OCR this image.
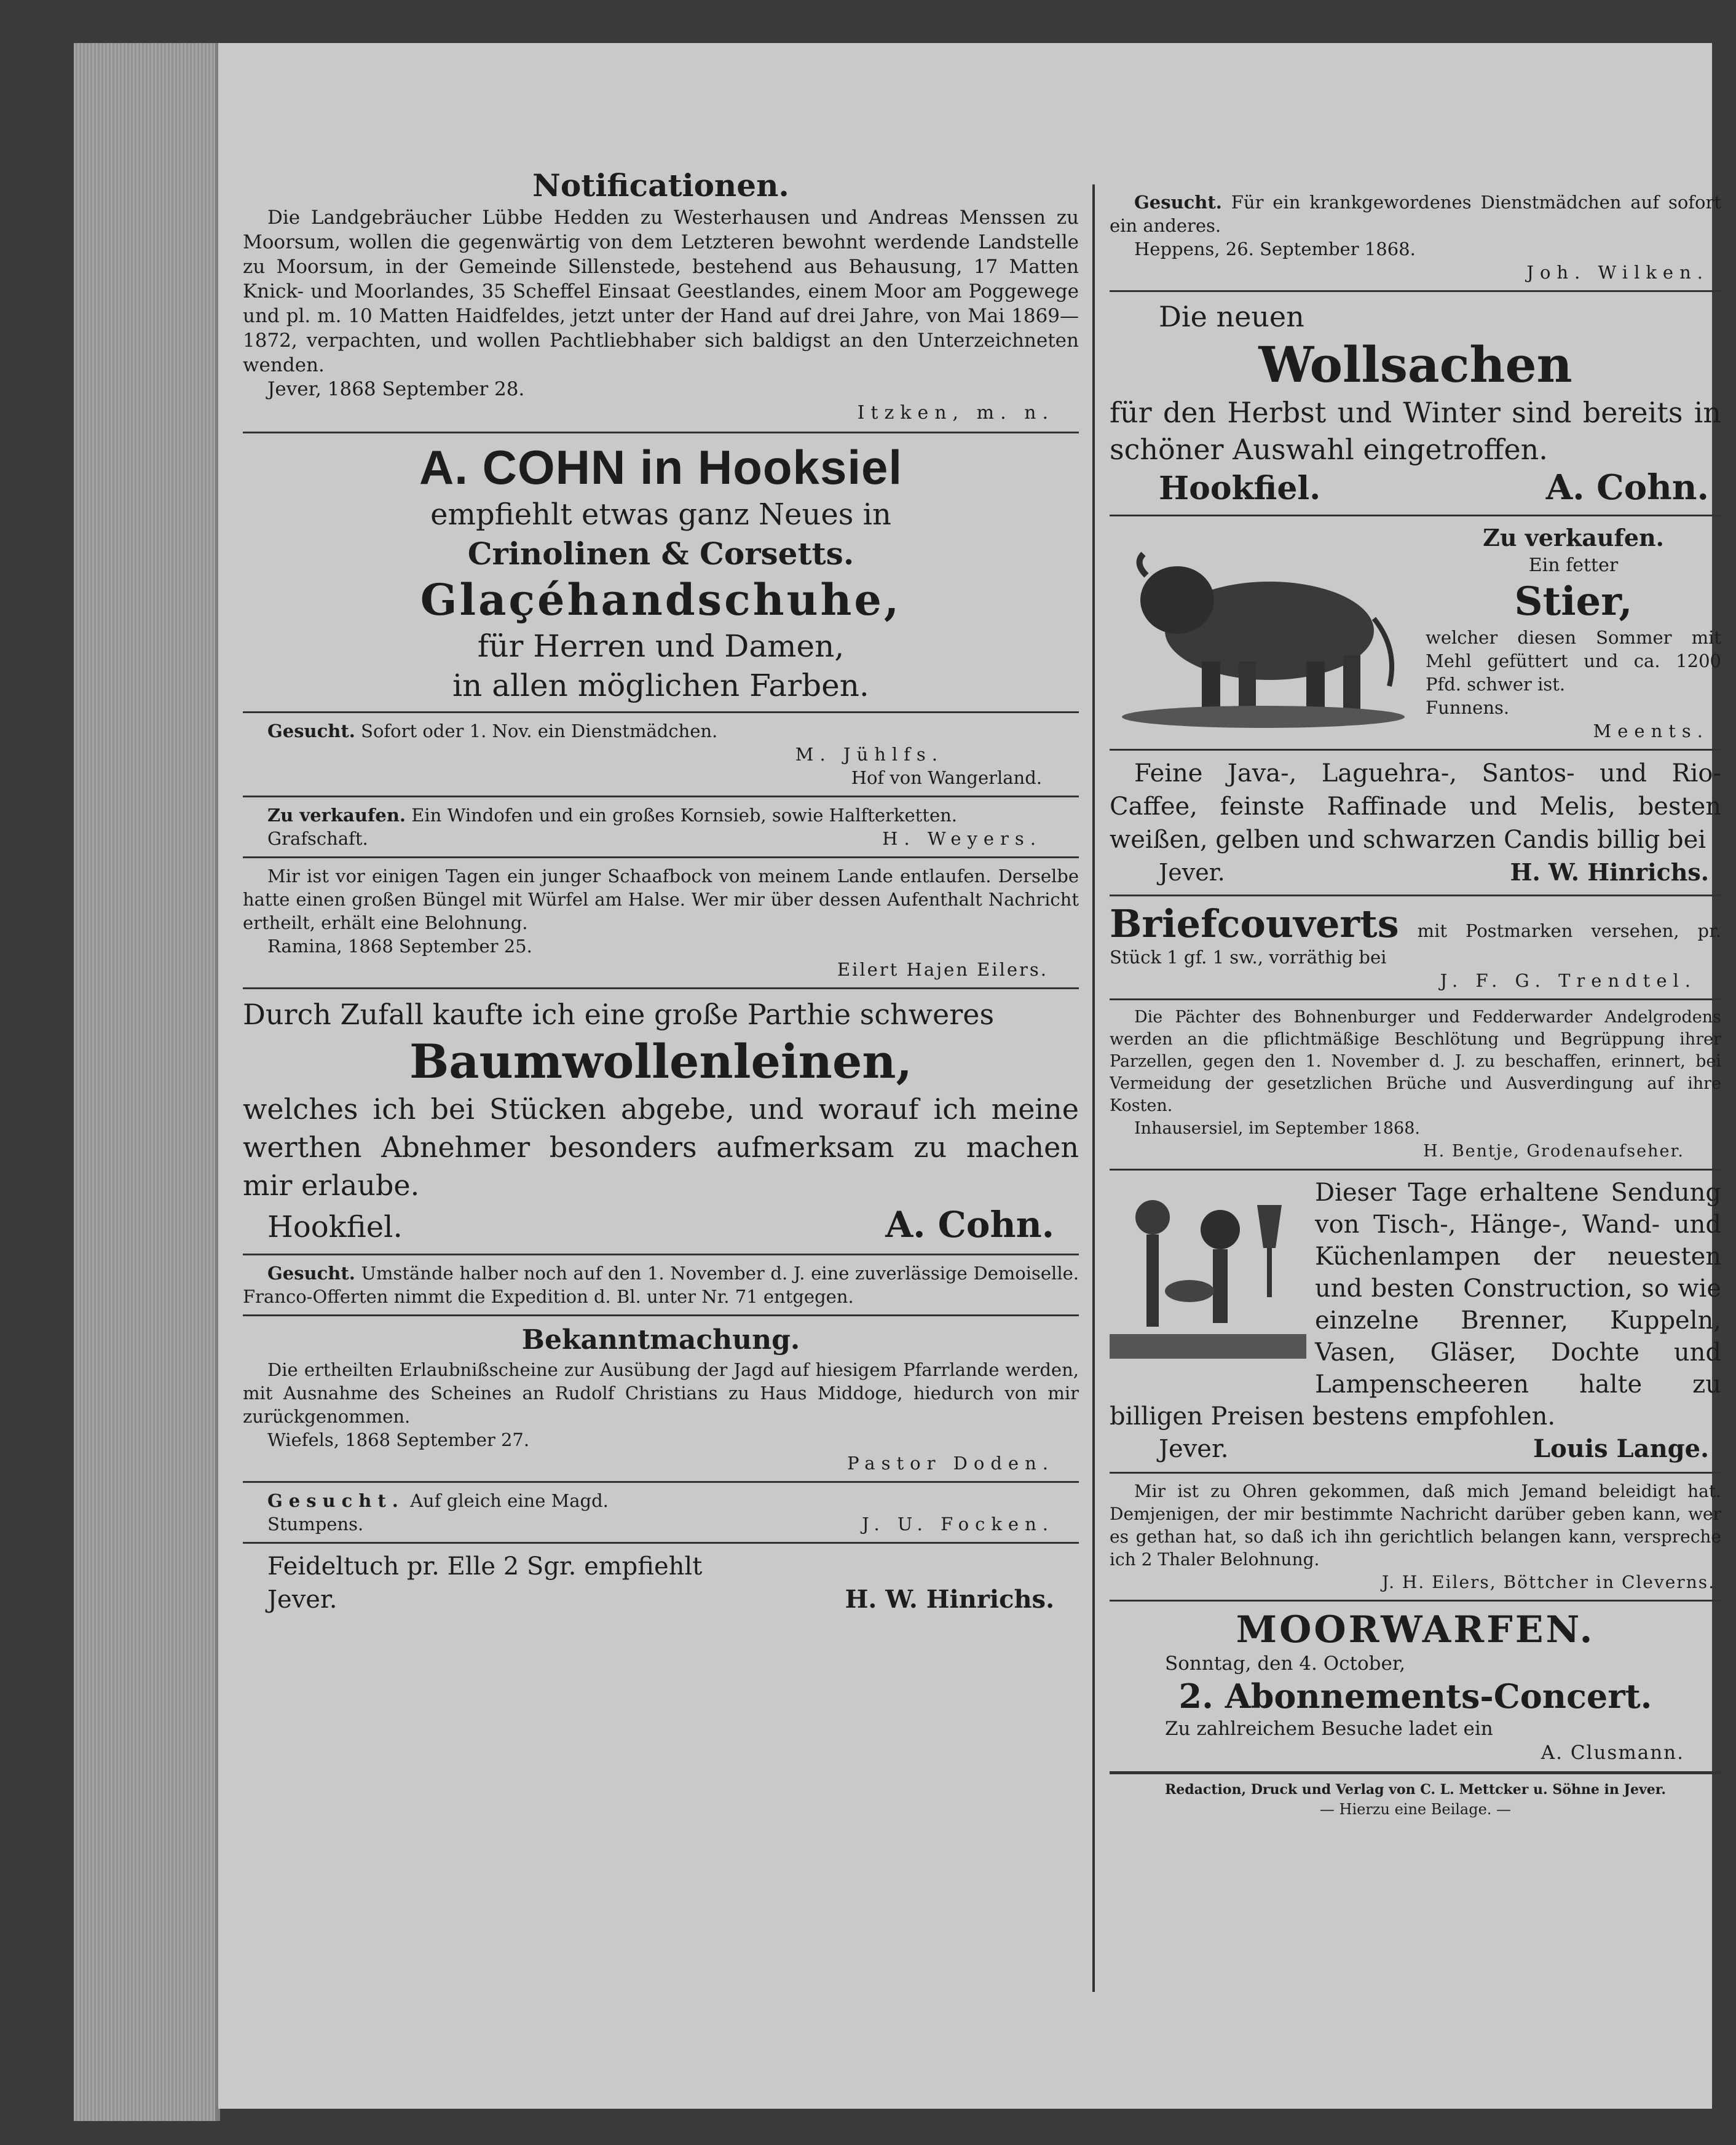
Notificationen.

Die Landgebräucher Lübbe Hedden zu Westerhausen und Andreas Menssen zu Moorsum, wollen die gegenwärtig von dem Letzteren bewohnt werdende Landstelle zu Moorsum, in der Gemeinde Sillenstede, bestehend aus Behausung, 17 Matten Knick- und Moorlandes, 35 Scheffel Einsaat Geestlandes, einem Moor am Poggewege und pl. m. 10 Matten Haidfeldes, jetzt unter der Hand auf drei Jahre, von Mai 1869—1872, verpachten, und wollen Pachtliebhaber sich baldigst an den Unterzeichneten wenden.

Jever, 1868 September 28.

Itzken, m. n.

A. COHN in Hooksiel

empfiehlt etwas ganz Neues in

Crinolinen & Corsetts.

Glaçéhandschuhe,

für Herren und Damen,

in allen möglichen Farben.

Gesucht. Sofort oder 1. Nov. ein Dienstmädchen.

M. Jühlfs.

Hof von Wangerland.

Zu verkaufen. Ein Windofen und ein großes Kornsieb, sowie Halfterketten.

Grafschaft.	H. Weyers.

Mir ist vor einigen Tagen ein junger Schaafbock von meinem Lande entlaufen. Derselbe hatte einen großen Büngel mit Würfel am Halse. Wer mir über dessen Aufenthalt Nachricht ertheilt, erhält eine Belohnung.

Ramina, 1868 September 25.

Eilert Hajen Eilers.

Durch Zufall kaufte ich eine große Parthie schweres

Baumwollenleinen,

welches ich bei Stücken abgebe, und worauf ich meine werthen Abnehmer besonders aufmerksam zu machen mir erlaube.

Hookfiel.	A. Cohn.

Gesucht. Umstände halber noch auf den 1. November d. J. eine zuverlässige Demoiselle. Franco-Offerten nimmt die Expedition d. Bl. unter Nr. 71 entgegen.

Bekanntmachung.

Die ertheilten Erlaubnißscheine zur Ausübung der Jagd auf hiesigem Pfarrlande werden, mit Ausnahme des Scheines an Rudolf Christians zu Haus Middoge, hiedurch von mir zurückgenommen.

Wiefels, 1868 September 27.

Pastor Doden.

Gesucht. Auf gleich eine Magd.

Stumpens.	J. U. Focken.

Feideltuch pr. Elle 2 Sgr. empfiehlt

Jever.	H. W. Hinrichs.

Gesucht. Für ein krankgewordenes Dienstmädchen auf sofort ein anderes.

Heppens, 26. September 1868.

Joh. Wilken.

Die neuen

Wollsachen

für den Herbst und Winter sind bereits in schöner Auswahl eingetroffen.

Hookfiel.	A. Cohn.

Zu verkaufen.

Ein fetter

Stier,

welcher diesen Sommer mit Mehl gefüttert und ca. 1200 Pfd. schwer ist.

Funnens.

Meents.

Feine Java-, Laguehra-, Santos- und Rio-Caffee, feinste Raffinade und Melis, besten weißen, gelben und schwarzen Candis billig bei

Jever.	H. W. Hinrichs.

Briefcouverts mit Postmarken versehen, pr. Stück 1 gf. 1 sw., vorräthig bei

J. F. G. Trendtel.

Die Pächter des Bohnenburger und Fedderwarder Andelgrodens werden an die pflichtmäßige Beschlötung und Begrüppung ihrer Parzellen, gegen den 1. November d. J. zu beschaffen, erinnert, bei Vermeidung der gesetzlichen Brüche und Ausverdingung auf ihre Kosten.

Inhausersiel, im September 1868.

H. Bentje, Grodenaufseher.

Dieser Tage erhaltene Sendung von Tisch-, Hänge-, Wand- und Küchenlampen der neuesten und besten Construction, so wie einzelne Brenner, Kuppeln, Vasen, Gläser, Dochte und Lampenscheeren halte zu billigen Preisen bestens empfohlen.

Jever.	Louis Lange.

Mir ist zu Ohren gekommen, daß mich Jemand beleidigt hat. Demjenigen, der mir bestimmte Nachricht darüber geben kann, wer es gethan hat, so daß ich ihn gerichtlich belangen kann, verspreche ich 2 Thaler Belohnung.

J. H. Eilers, Böttcher in Cleverns.

MOORWARFEN.

Sonntag, den 4. October,

2. Abonnements-Concert.

Zu zahlreichem Besuche ladet ein

A. Clusmann.

Redaction, Druck und Verlag von C. L. Mettcker u. Söhne in Jever.

— Hierzu eine Beilage. —
